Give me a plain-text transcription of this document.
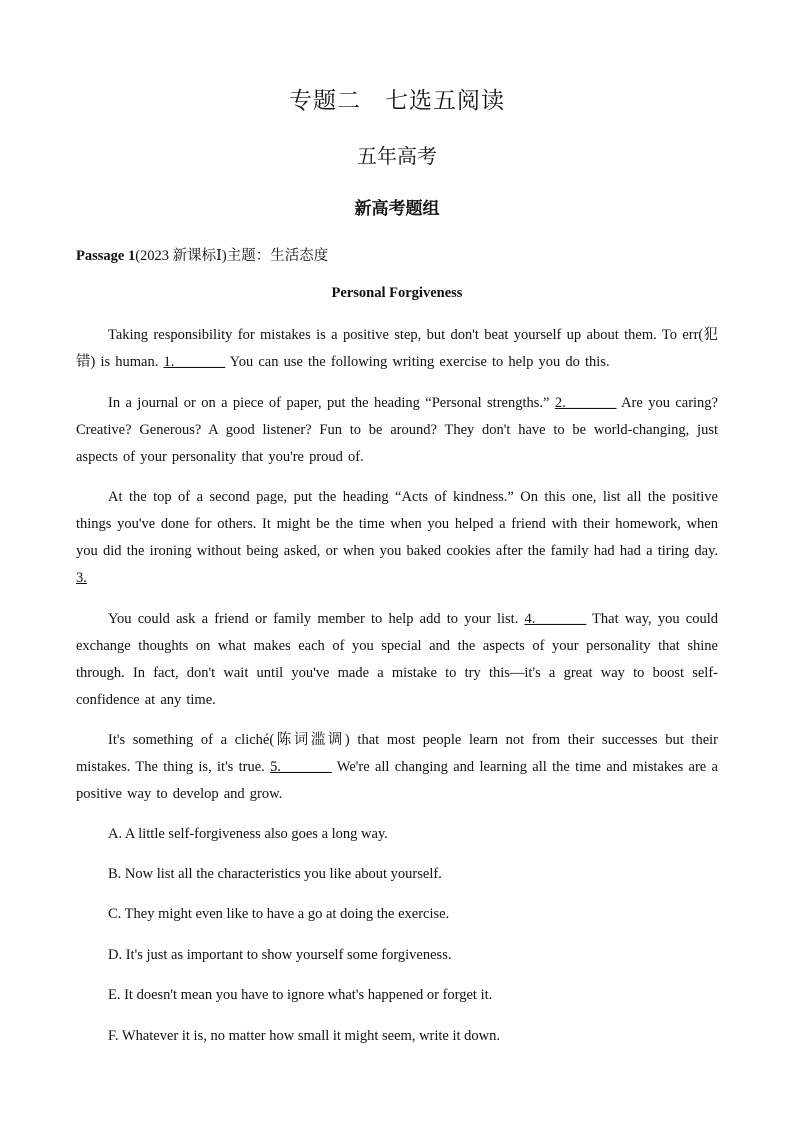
专题二　七选五阅读
五年高考
新高考题组
Passage 1(2023 新课标Ⅰ)主题：生活态度
Personal Forgiveness

Taking responsibility for mistakes is a positive step, but don't beat yourself up about them. To err(犯错) is human. 1._______ You can use the following writing exercise to help you do this.

In a journal or on a piece of paper, put the heading “Personal strengths.” 2._______ Are you caring? Creative? Generous? A good listener? Fun to be around? They don't have to be world-changing, just aspects of your personality that you're proud of.

At the top of a second page, put the heading “Acts of kindness.” On this one, list all the positive things you've done for others. It might be the time when you helped a friend with their homework, when you did the ironing without being asked, or when you baked cookies after the family had had a tiring day. 3.

You could ask a friend or family member to help add to your list. 4._______ That way, you could exchange thoughts on what makes each of you special and the aspects of your personality that shine through. In fact, don't wait until you've made a mistake to try this—it's a great way to boost self-confidence at any time.

It's something of a cliché(陈词滥调) that most people learn not from their successes but their mistakes. The thing is, it's true. 5._______ We're all changing and learning all the time and mistakes are a positive way to develop and grow.

A. A little self-forgiveness also goes a long way.

B. Now list all the characteristics you like about yourself.

C. They might even like to have a go at doing the exercise.

D. It's just as important to show yourself some forgiveness.

E. It doesn't mean you have to ignore what's happened or forget it.

F. Whatever it is, no matter how small it might seem, write it down.
